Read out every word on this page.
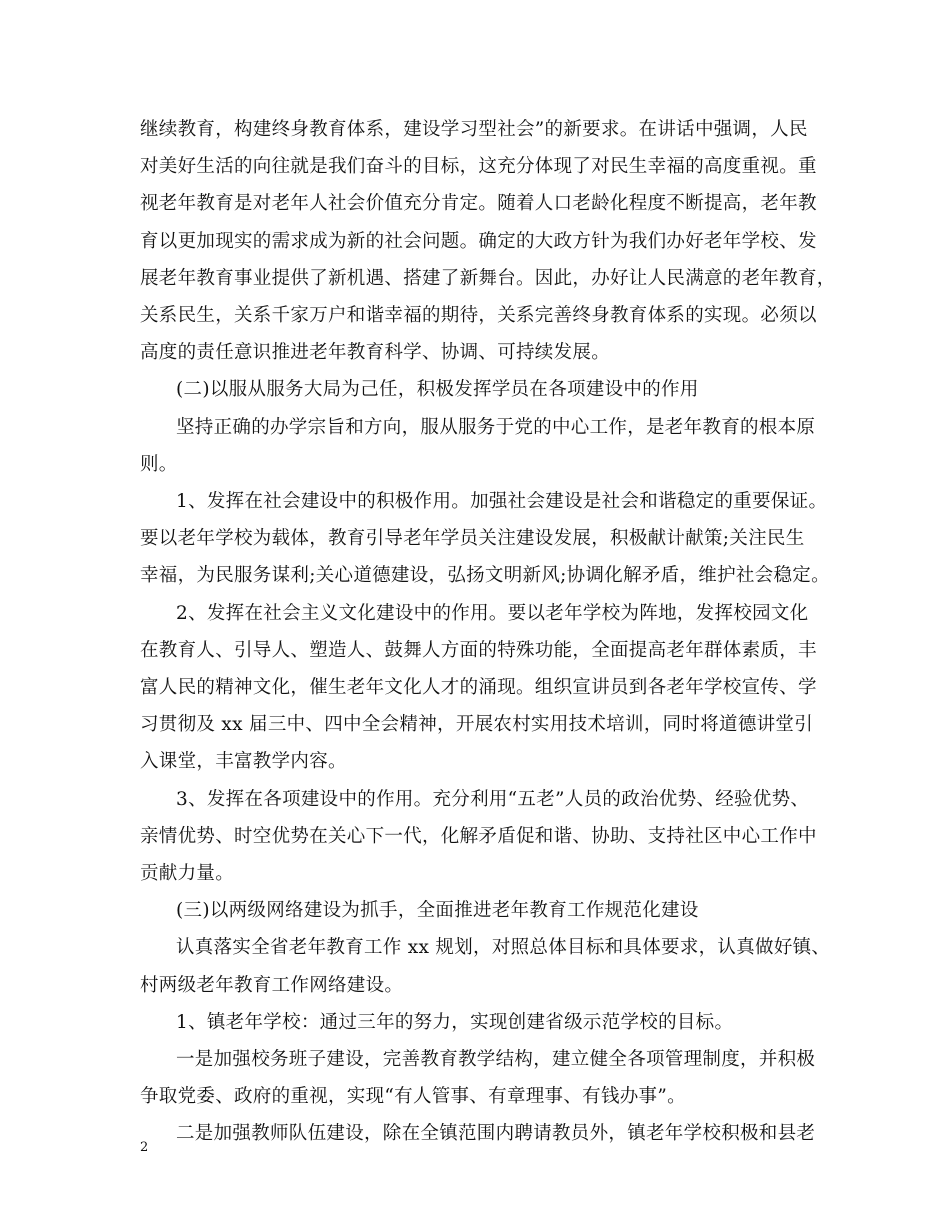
继续教育，构建终身教育体系，建设学习型社会”的新要求。在讲话中强调，人民
对美好生活的向往就是我们奋斗的目标，这充分体现了对民生幸福的高度重视。重
视老年教育是对老年人社会价值充分肯定。随着人口老龄化程度不断提高，老年教
育以更加现实的需求成为新的社会问题。确定的大政方针为我们办好老年学校、发
展老年教育事业提供了新机遇、搭建了新舞台。因此，办好让人民满意的老年教育，
关系民生，关系千家万户和谐幸福的期待，关系完善终身教育体系的实现。必须以
高度的责任意识推进老年教育科学、协调、可持续发展。
(二)以服从服务大局为己任，积极发挥学员在各项建设中的作用
坚持正确的办学宗旨和方向，服从服务于党的中心工作，是老年教育的根本原
则。
1、发挥在社会建设中的积极作用。加强社会建设是社会和谐稳定的重要保证。
要以老年学校为载体，教育引导老年学员关注建设发展，积极献计献策;关注民生
幸福，为民服务谋利;关心道德建设，弘扬文明新风;协调化解矛盾，维护社会稳定。
2、发挥在社会主义文化建设中的作用。要以老年学校为阵地，发挥校园文化
在教育人、引导人、塑造人、鼓舞人方面的特殊功能，全面提高老年群体素质，丰
富人民的精神文化，催生老年文化人才的涌现。组织宣讲员到各老年学校宣传、学
习贯彻及 xx 届三中、四中全会精神，开展农村实用技术培训，同时将道德讲堂引
入课堂，丰富教学内容。
3、发挥在各项建设中的作用。充分利用“五老”人员的政治优势、经验优势、
亲情优势、时空优势在关心下一代，化解矛盾促和谐、协助、支持社区中心工作中
贡献力量。
(三)以两级网络建设为抓手，全面推进老年教育工作规范化建设
认真落实全省老年教育工作 xx 规划，对照总体目标和具体要求，认真做好镇、
村两级老年教育工作网络建设。
1、镇老年学校：通过三年的努力，实现创建省级示范学校的目标。
一是加强校务班子建设，完善教育教学结构，建立健全各项管理制度，并积极
争取党委、政府的重视，实现“有人管事、有章理事、有钱办事”。
二是加强教师队伍建设，除在全镇范围内聘请教员外，镇老年学校积极和县老
2
